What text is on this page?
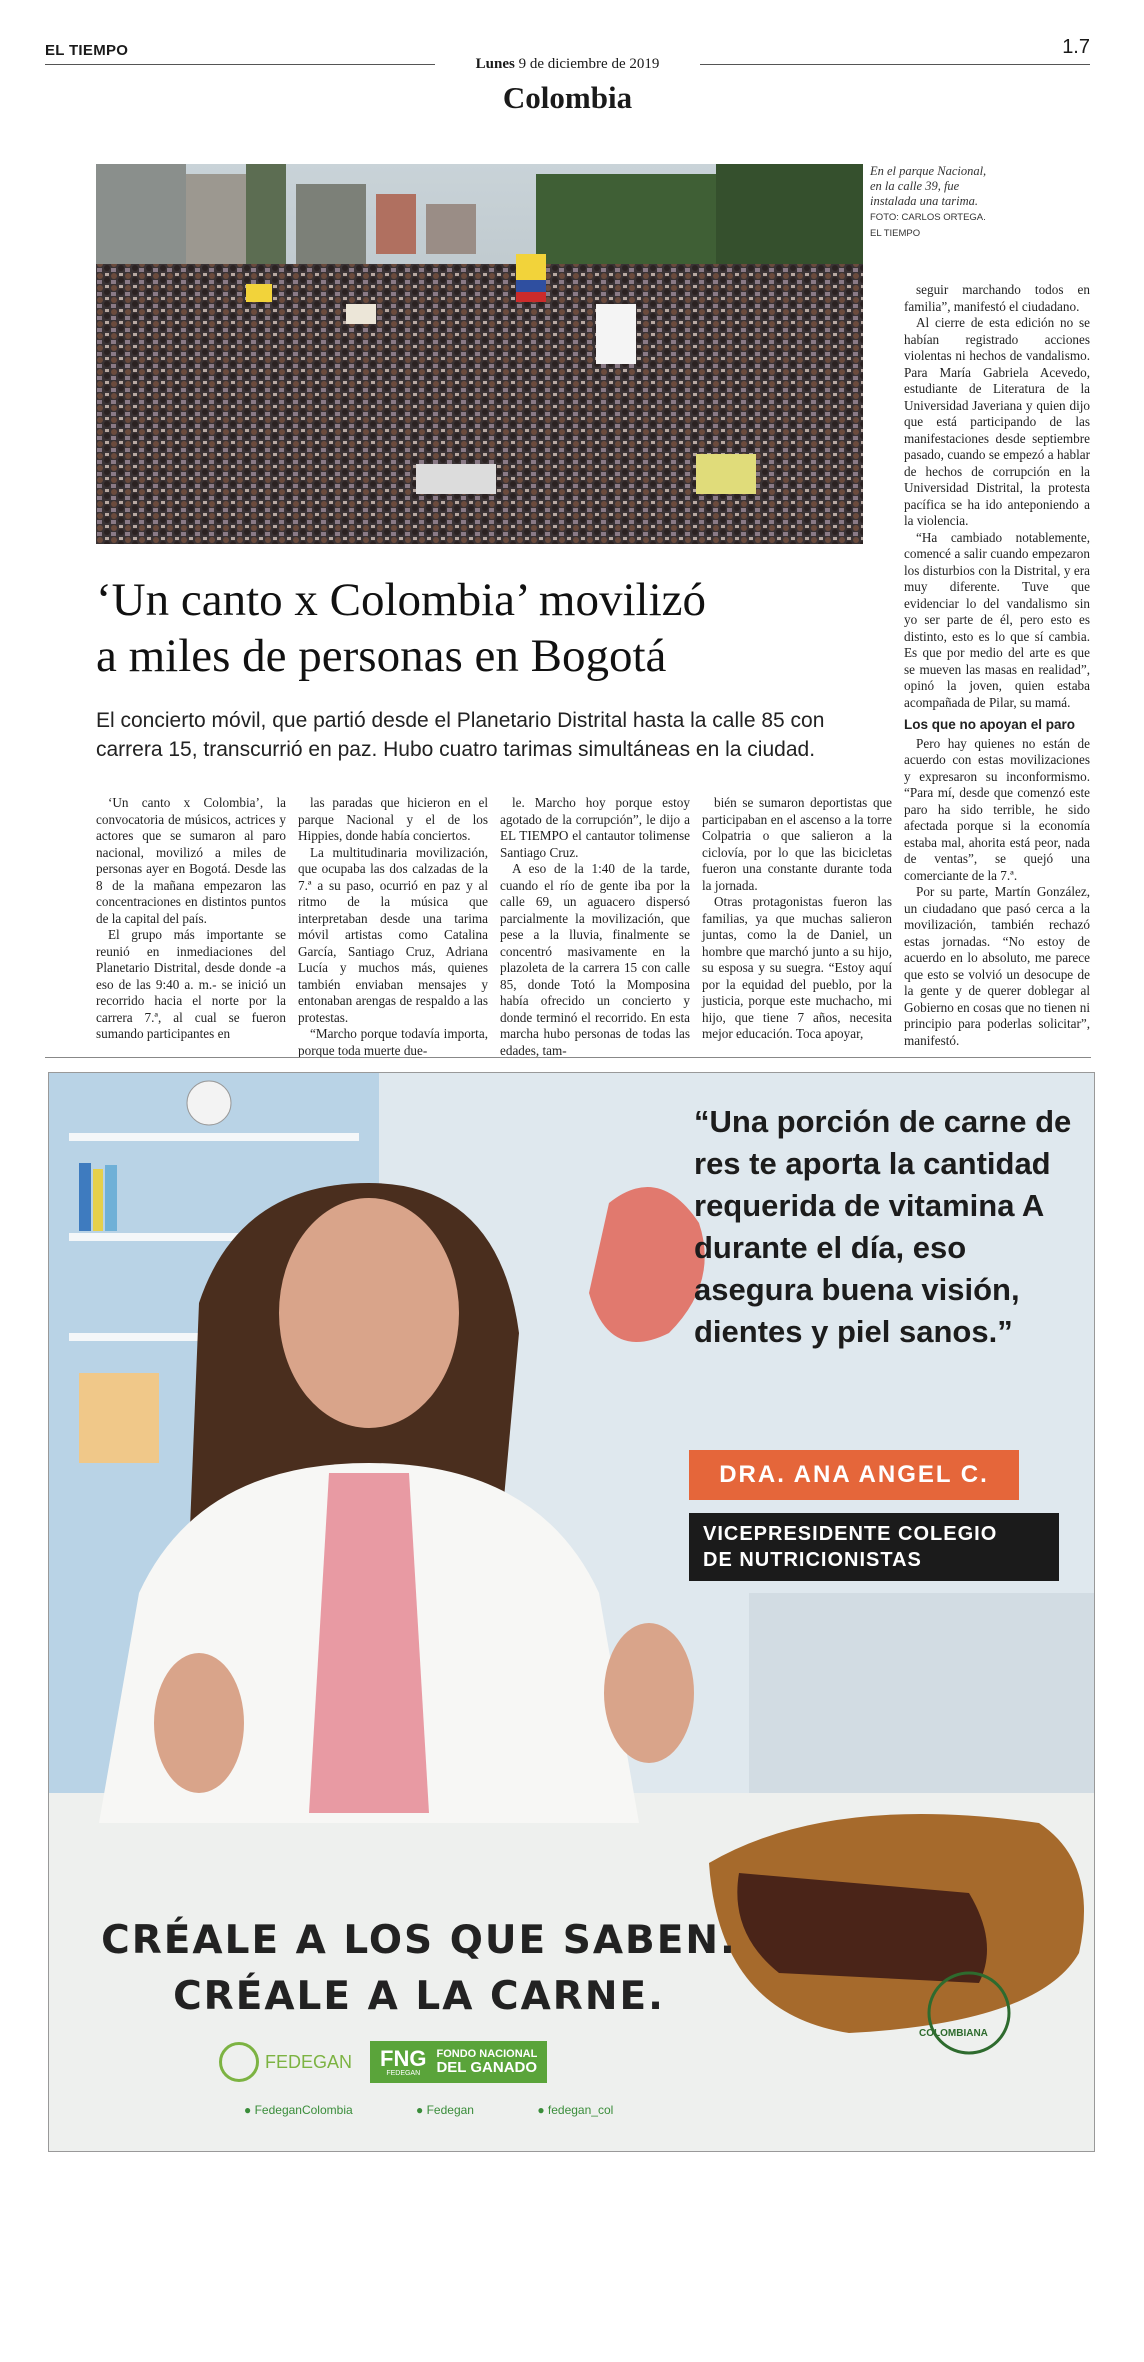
EL TIEMPO
Lunes 9 de diciembre de 2019
1.7
Colombia
En el parque Nacional, en la calle 39, fue instalada una tarima. FOTO: CARLOS ORTEGA. EL TIEMPO
‘Un canto x Colombia’ movilizó
a miles de personas en Bogotá
El concierto móvil, que partió desde el Planetario Distrital hasta la calle 85 con carrera 15, transcurrió en paz. Hubo cuatro tarimas simultáneas en la ciudad.

‘Un canto x Colombia’, la convocatoria de músicos, actrices y actores que se sumaron al paro nacional, movilizó a miles de personas ayer en Bogotá. Desde las 8 de la mañana empezaron las concentraciones en distintos puntos de la capital del país.

El grupo más importante se reunió en inmediaciones del Planetario Distrital, desde donde -a eso de las 9:40 a. m.- se inició un recorrido hacia el norte por la carrera 7.ª, al cual se fueron sumando participantes en

las paradas que hicieron en el parque Nacional y el de los Hippies, donde había conciertos.

La multitudinaria movilización, que ocupaba las dos calzadas de la 7.ª a su paso, ocurrió en paz y al ritmo de la música que interpretaban desde una tarima móvil artistas como Catalina García, Santiago Cruz, Adriana Lucía y muchos más, quienes también enviaban mensajes y entonaban arengas de respaldo a las protestas.

“Marcho porque todavía importa, porque toda muerte due-

le. Marcho hoy porque estoy agotado de la corrupción”, le dijo a EL TIEMPO el cantautor tolimense Santiago Cruz.

A eso de la 1:40 de la tarde, cuando el río de gente iba por la calle 69, un aguacero dispersó parcialmente la movilización, que pese a la lluvia, finalmente se concentró masivamente en la plazoleta de la carrera 15 con calle 85, donde Totó la Momposina había ofrecido un concierto y donde terminó el recorrido. En esta marcha hubo personas de todas las edades, tam-

bién se sumaron deportistas que participaban en el ascenso a la torre Colpatria o que salieron a la ciclovía, por lo que las bicicletas fueron una constante durante toda la jornada.

Otras protagonistas fueron las familias, ya que muchas salieron juntas, como la de Daniel, un hombre que marchó junto a su hijo, su esposa y su suegra. “Estoy aquí por la equidad del pueblo, por la justicia, porque este muchacho, mi hijo, que tiene 7 años, necesita mejor educación. Toca apoyar,

seguir marchando todos en familia”, manifestó el ciudadano.

Al cierre de esta edición no se habían registrado acciones violentas ni hechos de vandalismo. Para María Gabriela Acevedo, estudiante de Literatura de la Universidad Javeriana y quien dijo que está participando de las manifestaciones desde septiembre pasado, cuando se empezó a hablar de hechos de corrupción en la Universidad Distrital, la protesta pacífica se ha ido anteponiendo a la violencia.

“Ha cambiado notablemente, comencé a salir cuando empezaron los disturbios con la Distrital, y era muy diferente. Tuve que evidenciar lo del vandalismo sin yo ser parte de él, pero esto es distinto, esto es lo que sí cambia. Es que por medio del arte es que se mueven las masas en realidad”, opinó la joven, quien estaba acompañada de Pilar, su mamá.

Los que no apoyan el paro

Pero hay quienes no están de acuerdo con estas movilizaciones y expresaron su inconformismo. “Para mí, desde que comenzó este paro ha sido terrible, he sido afectada porque si la economía estaba mal, ahorita está peor, nada de ventas”, se quejó una comerciante de la 7.ª.

Por su parte, Martín González, un ciudadano que pasó cerca a la movilización, también rechazó estas jornadas. “No estoy de acuerdo en lo absoluto, me parece que esto se volvió un desocupe de la gente y de querer doblegar al Gobierno en cosas que no tienen ni principio para poderlas solicitar”, manifestó.

“Una porción de carne de res te aporta la cantidad requerida de vitamina A durante el día, eso asegura buena visión, dientes y piel sanos.”
DRA. ANA ANGEL C.
VICEPRESIDENTE COLEGIO
DE NUTRICIONISTAS
COLOMBIANA
CRÉALE A LOS QUE SABEN.
CRÉALE A LA CARNE.
FEDEGAN FNG
FEDEGAN
FONDO NACIONAL
DEL GANADO
● FedeganColombia	● Fedegan	● fedegan_col
